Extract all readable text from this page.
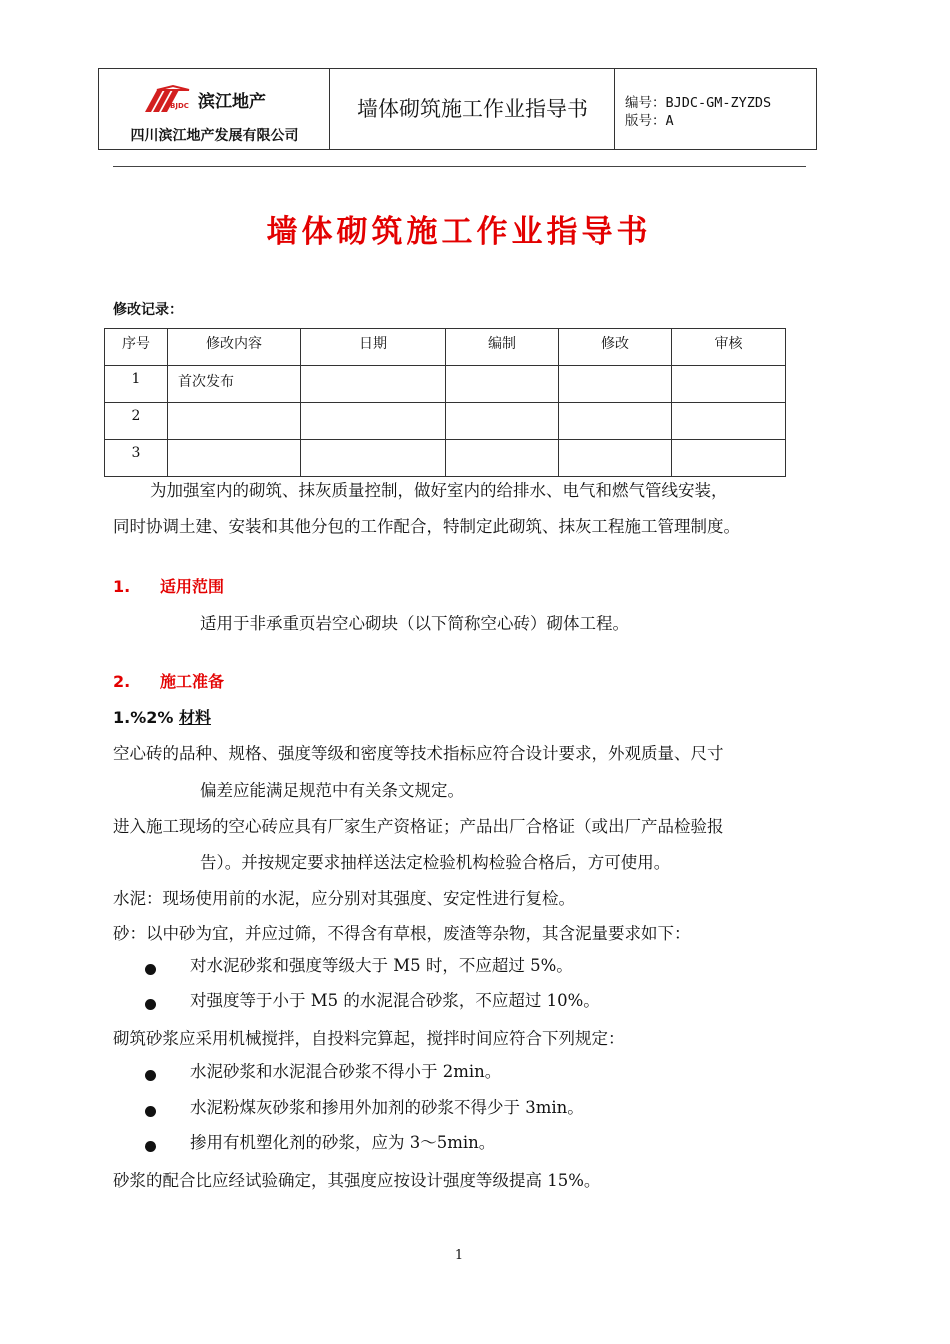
BJDC 滨江地产
四川滨江地产发展有限公司
墙体砌筑施工作业指导书	编号：BJDC-GM-ZYZDS
版号：A
墙体砌筑施工作业指导书
修改记录：
序号	修改内容	日期	编制	修改	审核
1	首次发布				
2					
3					
为加强室内的砌筑、抹灰质量控制，做好室内的给排水、电气和燃气管线安装，
同时协调土建、安装和其他分包的工作配合，特制定此砌筑、抹灰工程施工管理制度。
1. 适用范围
适用于非承重页岩空心砌块（以下简称空心砖）砌体工程。
2. 施工准备
1.%2% 材料
空心砖的品种、规格、强度等级和密度等技术指标应符合设计要求，外观质量、尺寸
偏差应能满足规范中有关条文规定。
进入施工现场的空心砖应具有厂家生产资格证；产品出厂合格证（或出厂产品检验报
告）。并按规定要求抽样送法定检验机构检验合格后，方可使用。
水泥：现场使用前的水泥，应分别对其强度、安定性进行复检。
砂：以中砂为宜，并应过筛，不得含有草根，废渣等杂物，其含泥量要求如下：
对水泥砂浆和强度等级大于 M5 时，不应超过 5%。
对强度等于小于 M5 的水泥混合砂浆，不应超过 10%。
砌筑砂浆应采用机械搅拌，自投料完算起，搅拌时间应符合下列规定：
水泥砂浆和水泥混合砂浆不得小于 2min。
水泥粉煤灰砂浆和掺用外加剂的砂浆不得少于 3min。
掺用有机塑化剂的砂浆，应为 3～5min。
砂浆的配合比应经试验确定，其强度应按设计强度等级提高 15%。
1
